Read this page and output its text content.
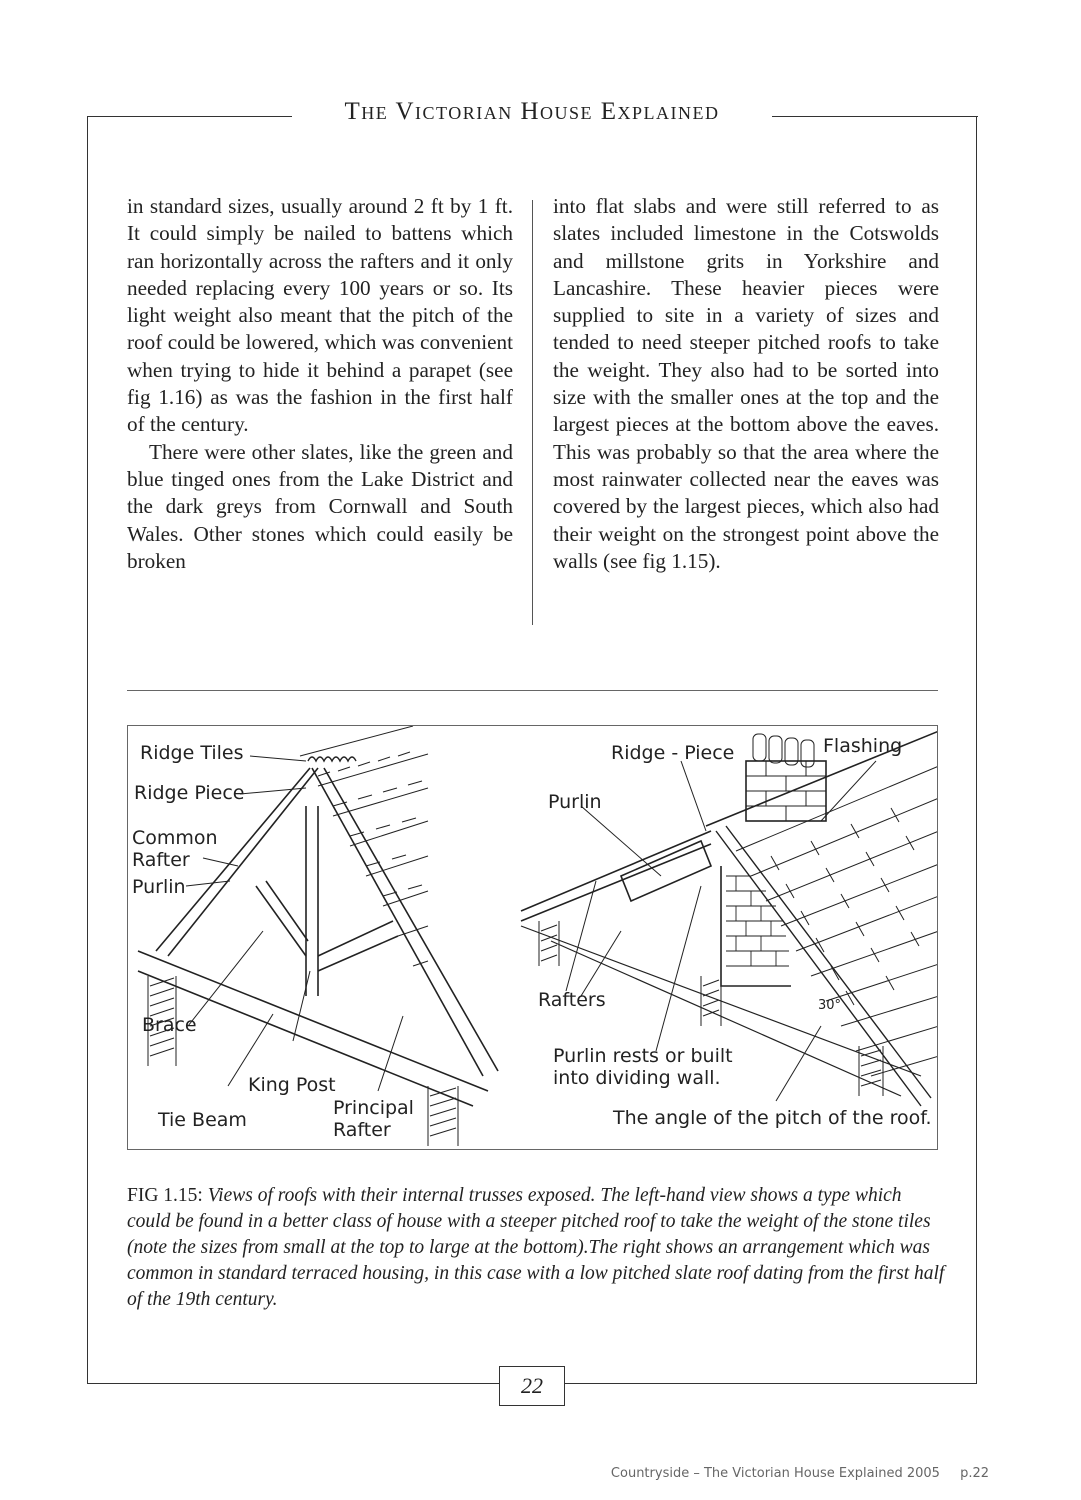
The Victorian House Explained

in standard sizes, usually around 2 ft by 1 ft. It could simply be nailed to battens which ran horizontally across the rafters and it only needed replacing every 100 years or so. Its light weight also meant that the pitch of the roof could be lowered, which was convenient when trying to hide it behind a parapet (see fig 1.16) as was the fashion in the first half of the century.

There were other slates, like the green and blue tinged ones from the Lake District and the dark greys from Cornwall and South Wales. Other stones which could easily be broken

into flat slabs and were still referred to as slates included limestone in the Cotswolds and millstone grits in Yorkshire and Lancashire. These heavier pieces were supplied to site in a variety of sizes and tended to need steeper pitched roofs to take the weight. They also had to be sorted into size with the smaller ones at the top and the largest pieces at the bottom above the eaves. This was probably so that the area where the most rainwater collected near the eaves was covered by the largest pieces, which also had their weight on the strongest point above the walls (see fig 1.15).

Ridge Tiles
Ridge Piece
Common
Rafter
Purlin
Brace
King Post
Tie Beam
Principal
Rafter
Ridge - Piece	Flashing
Purlin
Rafters	30°
Purlin rests or built
into dividing wall.
The angle of the pitch of the roof.
FIG 1.15: Views of roofs with their internal trusses exposed. The left-hand view shows a type which could be found in a better class of house with a steeper pitched roof to take the weight of the stone tiles (note the sizes from small at the top to large at the bottom).The right shows an arrangement which was common in standard terraced housing, in this case with a low pitched slate roof dating from the first half of the 19th century.
22
Countryside – The Victorian House Explained 2005 p.22
